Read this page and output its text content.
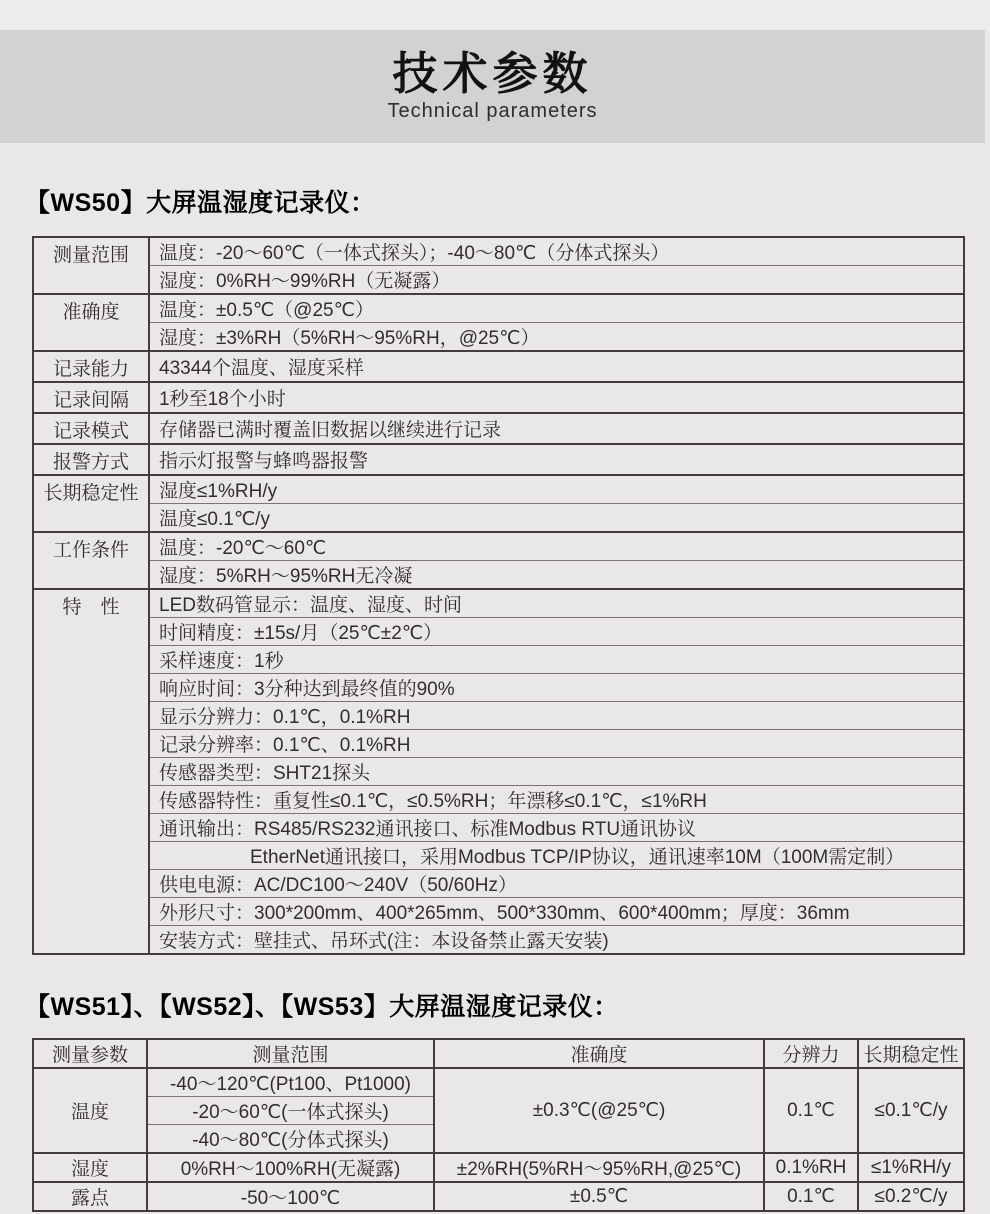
技术参数
Technical parameters
【WS50】大屏温湿度记录仪：
测量范围	温度：-20～60℃（一体式探头）；-40～80℃（分体式探头）
	湿度：0%RH～99%RH（无凝露）
准确度	温度：±0.5℃（@25℃）
	湿度：±3%RH（5%RH～95%RH，@25℃）
记录能力	43344个温度、湿度采样
记录间隔	1秒至18个小时
记录模式	存储器已满时覆盖旧数据以继续进行记录
报警方式	指示灯报警与蜂鸣器报警
长期稳定性	湿度≤1%RH/y
	温度≤0.1℃/y
工作条件	温度：-20℃～60℃
	湿度：5%RH～95%RH无冷凝
特　性	LED数码管显示：温度、湿度、时间
	时间精度：±15s/月（25℃±2℃）
	采样速度：1秒
	响应时间：3分种达到最终值的90%
	显示分辨力：0.1℃，0.1%RH
	记录分辨率：0.1℃、0.1%RH
	传感器类型：SHT21探头
	传感器特性：重复性≤0.1℃，≤0.5%RH；年漂移≤0.1℃，≤1%RH
	通讯输出：RS485/RS232通讯接口、标准Modbus RTU通讯协议
	EtherNet通讯接口，采用Modbus TCP/IP协议，通讯速率10M（100M需定制）
	供电电源：AC/DC100～240V（50/60Hz）
	外形尺寸：300*200mm、400*265mm、500*330mm、600*400mm；厚度：36mm
	安装方式：壁挂式、吊环式(注：本设备禁止露天安装)
【WS51】、【WS52】、【WS53】大屏温湿度记录仪：
测量参数	测量范围	准确度	分辨力	长期稳定性
温度	-40～120℃(Pt100、Pt1000)	±0.3℃(@25℃)	0.1℃	≤0.1℃/y
	-20～60℃(一体式探头)			
	-40～80℃(分体式探头)			
湿度	0%RH～100%RH(无凝露)	±2%RH(5%RH～95%RH,@25℃)	0.1%RH	≤1%RH/y
露点	-50～100℃	±0.5℃	0.1℃	≤0.2℃/y
